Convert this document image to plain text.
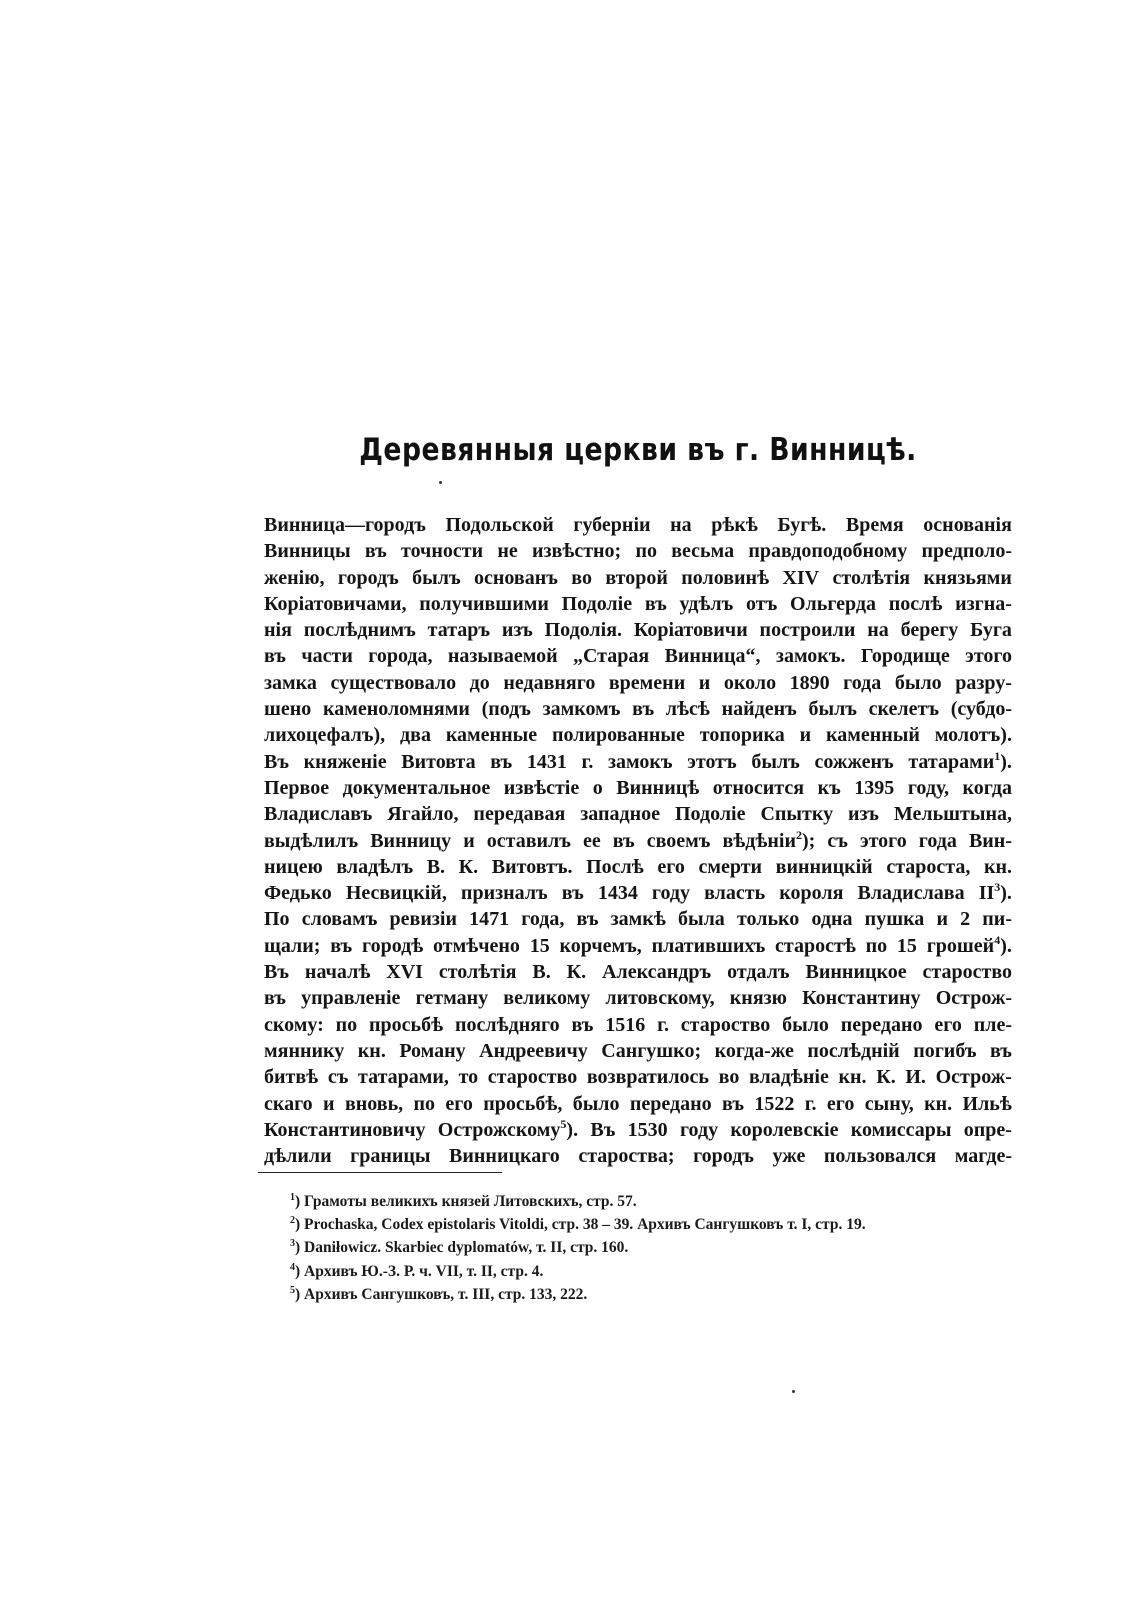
Деревянныя церкви въ г. Винницѣ.
Винница—городъ Подольской губерніи на рѣкѣ Бугѣ. Время основанія
Винницы въ точности не извѣстно; по весьма правдоподобному предполо-
женію, городъ былъ основанъ во второй половинѣ XIV столѣтія князьями
Коріатовичами, получившими Подоліе въ удѣлъ отъ Ольгерда послѣ изгна-
нія послѣднимъ татаръ изъ Подолія. Коріатовичи построили на берегу Буга
въ части города, называемой „Старая Винница“, замокъ. Городище этого
замка существовало до недавняго времени и около 1890 года было разру-
шено каменоломнями (подъ замкомъ въ лѣсѣ найденъ былъ скелетъ (субдо-
лихоцефалъ), два каменные полированные топорика и каменный молотъ).
Въ княженіе Витовта въ 1431 г. замокъ этотъ былъ сожженъ татарами$^1$).
Первое документальное извѣстіе о Винницѣ относится къ 1395 году, когда
Владиславъ Ягайло, передавая западное Подоліе Спытку изъ Мельштына,
выдѣлилъ Винницу и оставилъ ее въ своемъ вѣдѣніи$^2$); съ этого года Вин-
ницею владѣлъ В. К. Витовтъ. Послѣ его смерти винницкій староста, кн.
Федько Несвицкій, призналъ въ 1434 году власть короля Владислава $II^3$).
По словамъ ревизіи 1471 года, въ замкѣ была только одна пушка и 2 пи-
щали; въ городѣ отмѣчено 15 корчемъ, платившихъ старостѣ по 15 грошей$^4$).
Въ началѣ XVI столѣтія В. К. Александръ отдалъ Винницкое староство
въ управленіе гетману великому литовскому, князю Константину Острож-
скому: по просьбѣ послѣдняго въ 1516 г. староство было передано его пле-
мяннику кн. Роману Андреевичу Сангушко; когда-же послѣдній погибъ въ
битвѣ съ татарами, то староство возвратилось во владѣніе кн. К. И. Острож-
скаго и вновь, по его просьбѣ, было передано въ 1522 г. его сыну, кн. Ильѣ
Константиновичу Острожскому$^5$). Въ 1530 году королевскіе комиссары опре-
дѣлили границы Винницкаго староства; городъ уже пользовался магде-
$^1$) Грамоты великихъ князей Литовскихъ, стр. 57.
$^2$) Prochaska, Codex epistolaris Vitoldi, стр. 38 – 39. Архивъ Сангушковъ т. I, стр. 19.
$^3$) Daniłowicz. Skarbiec dyplomatów, т. II, стр. 160.
$^4$) Архивъ Ю.-З. Р. ч. VII, т. II, стр. 4.
$^5$) Архивъ Сангушковъ, т. III, стр. 133, 222.
